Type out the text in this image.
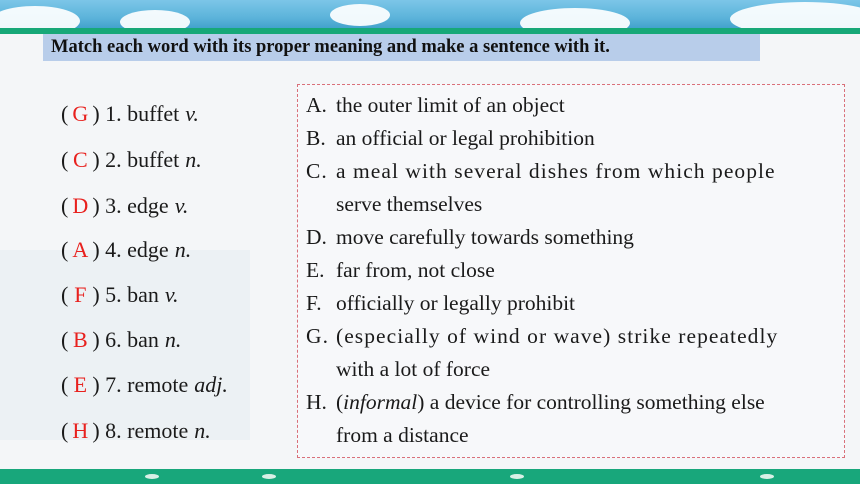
Match each word with its proper meaning and make a sentence with it.
( G ) 1. buffet v.
( C ) 2. buffet n.
( D ) 3. edge v.
( A ) 4. edge n.
( F ) 5. ban v.
( B ) 6. ban n.
( E ) 7. remote adj.
( H ) 8. remote n.
A. the outer limit of an object
B. an official or legal prohibition
C. a meal with several dishes from which people
serve themselves
D. move carefully towards something
E. far from, not close
F. officially or legally prohibit
G. (especially of wind or wave) strike repeatedly
with a lot of force
H. (informal) a device for controlling something else
from a distance
